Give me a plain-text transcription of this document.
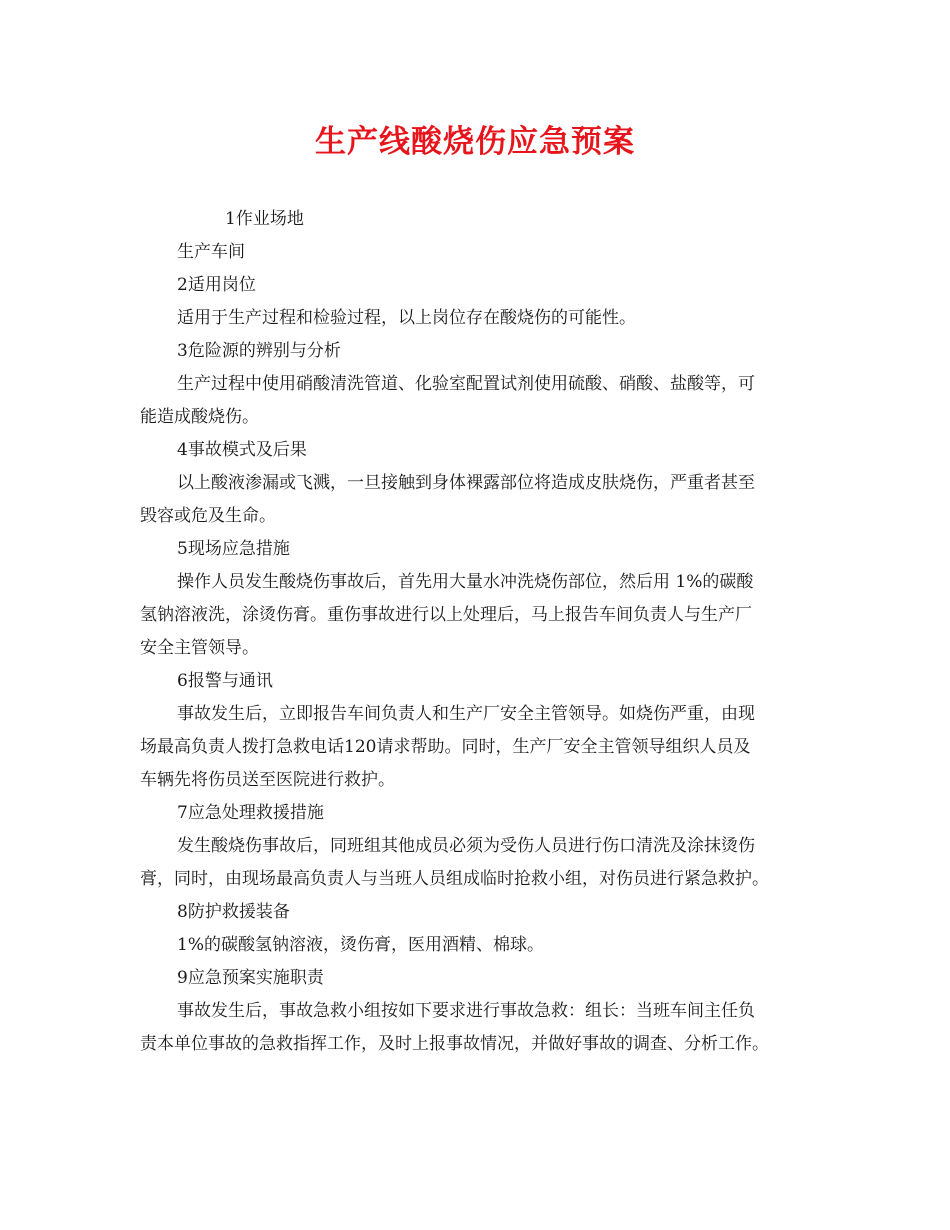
生产线酸烧伤应急预案
1作业场地
生产车间
2适用岗位
适用于生产过程和检验过程，以上岗位存在酸烧伤的可能性。
3危险源的辨别与分析
生产过程中使用硝酸清洗管道、化验室配置试剂使用硫酸、硝酸、盐酸等，可
能造成酸烧伤。
4事故模式及后果
以上酸液渗漏或飞溅，一旦接触到身体裸露部位将造成皮肤烧伤，严重者甚至
毁容或危及生命。
5现场应急措施
操作人员发生酸烧伤事故后，首先用大量水冲洗烧伤部位，然后用 1%的碳酸
氢钠溶液洗，涂烫伤膏。重伤事故进行以上处理后，马上报告车间负责人与生产厂
安全主管领导。
6报警与通讯
事故发生后，立即报告车间负责人和生产厂安全主管领导。如烧伤严重，由现
场最高负责人拨打急救电话120请求帮助。同时，生产厂安全主管领导组织人员及
车辆先将伤员送至医院进行救护。
7应急处理救援措施
发生酸烧伤事故后，同班组其他成员必须为受伤人员进行伤口清洗及涂抹烫伤
膏，同时，由现场最高负责人与当班人员组成临时抢救小组，对伤员进行紧急救护。
8防护救援装备
1%的碳酸氢钠溶液，烫伤膏，医用酒精、棉球。
9应急预案实施职责
事故发生后，事故急救小组按如下要求进行事故急救：组长：当班车间主任负
责本单位事故的急救指挥工作，及时上报事故情况，并做好事故的调查、分析工作。
